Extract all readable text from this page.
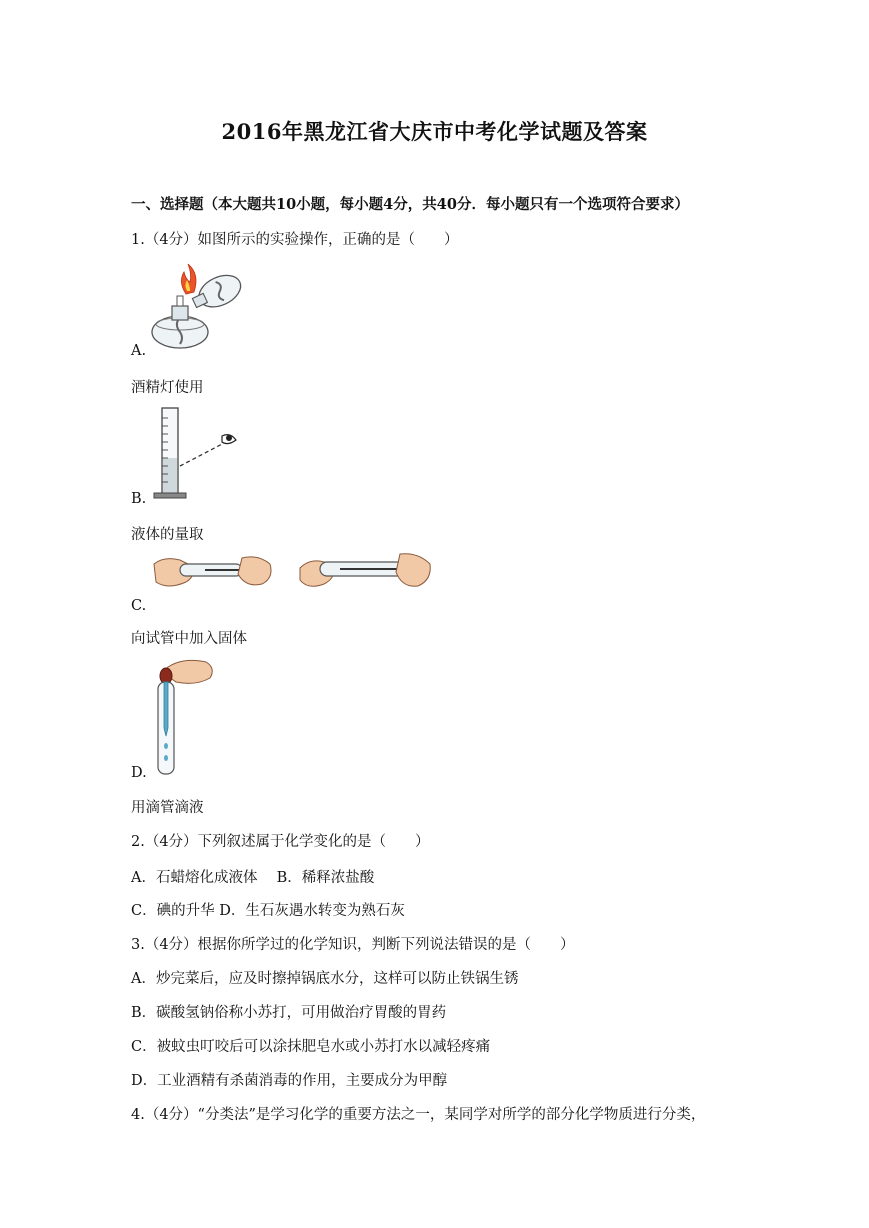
2016年黑龙江省大庆市中考化学试题及答案
一、选择题（本大题共10小题，每小题4分，共40分．每小题只有一个选项符合要求）
1.（4分）如图所示的实验操作，正确的是（　　）
A.
酒精灯使用
B.
液体的量取
C.
向试管中加入固体
D.
用滴管滴液
2.（4分）下列叙述属于化学变化的是（　　）
A．石蜡熔化成液体　 B．稀释浓盐酸
C．碘的升华 D．生石灰遇水转变为熟石灰
3.（4分）根据你所学过的化学知识，判断下列说法错误的是（　　）
A．炒完菜后，应及时擦掉锅底水分，这样可以防止铁锅生锈
B．碳酸氢钠俗称小苏打，可用做治疗胃酸的胃药
C．被蚊虫叮咬后可以涂抹肥皂水或小苏打水以减轻疼痛
D．工业酒精有杀菌消毒的作用，主要成分为甲醇
4.（4分）“分类法”是学习化学的重要方法之一，某同学对所学的部分化学物质进行分类，
